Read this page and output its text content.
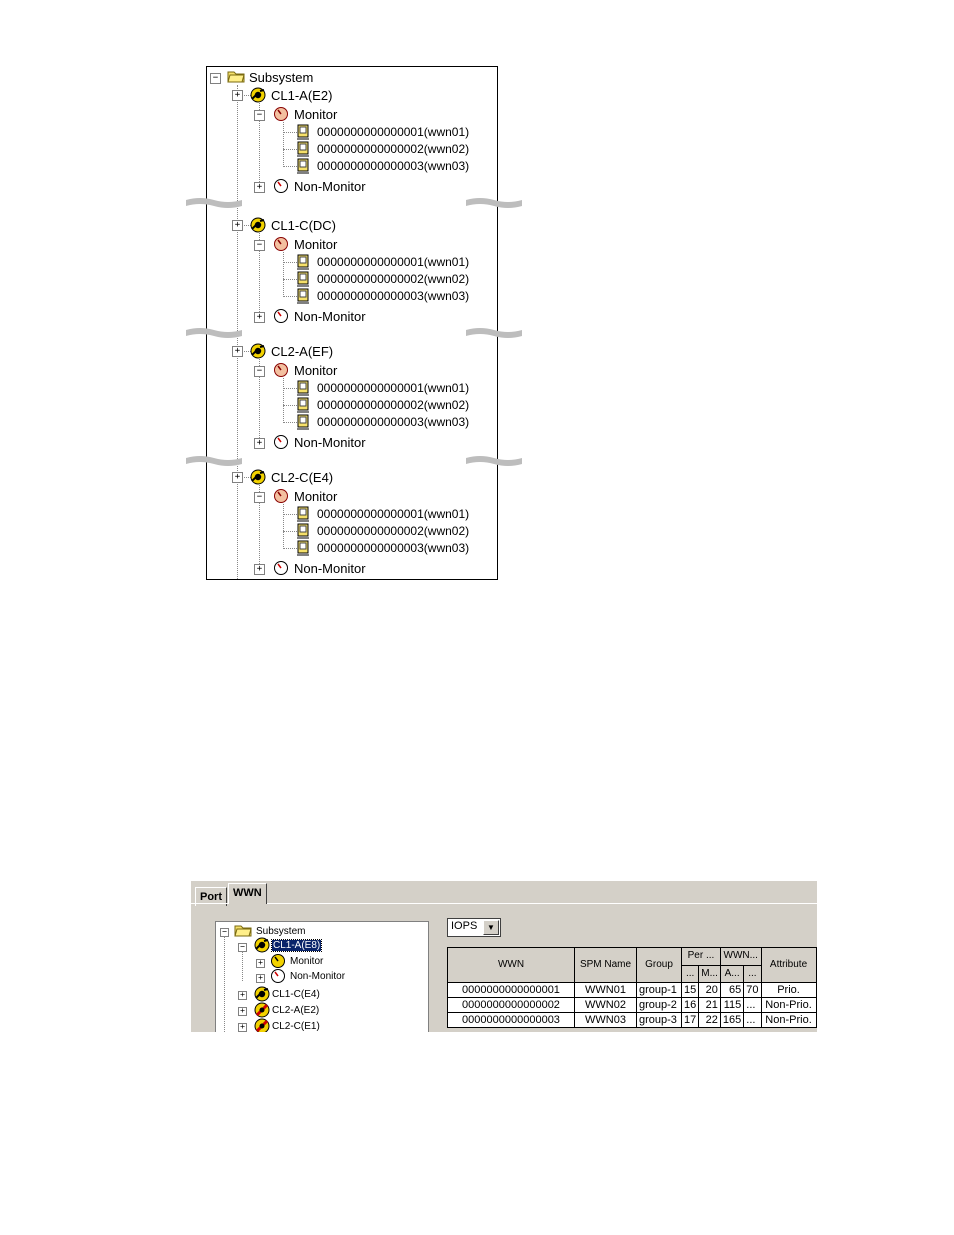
− Subsystem
+ CL1-A(E2)
− Monitor
0000000000000001(wwn01)
0000000000000002(wwn02)
0000000000000003(wwn03)
+ Non-Monitor
+ CL1-C(DC)
− Monitor
0000000000000001(wwn01)
0000000000000002(wwn02)
0000000000000003(wwn03)
+ Non-Monitor
+ CL2-A(EF)
− Monitor
0000000000000001(wwn01)
0000000000000002(wwn02)
0000000000000003(wwn03)
+ Non-Monitor
+ CL2-C(E4)
− Monitor
0000000000000001(wwn01)
0000000000000002(wwn02)
0000000000000003(wwn03)
+ Non-Monitor
Port	WWN
−	Subsystem
−	CL1-A(E8)
+	Monitor
+	Non-Monitor
+	CL1-C(E4)
+	CL2-A(E2)
+	CL2-C(E1)
IOPS	▼
WWN	SPM Name	Group	Per ...		WWN...		Attribute
			...	M...	A...	...	
0000000000000001	WWN01	group-1	15	20	65	70	Prio.
0000000000000002	WWN02	group-2	16	21	115	...	Non-Prio.
0000000000000003	WWN03	group-3	17	22	165	...	Non-Prio.
